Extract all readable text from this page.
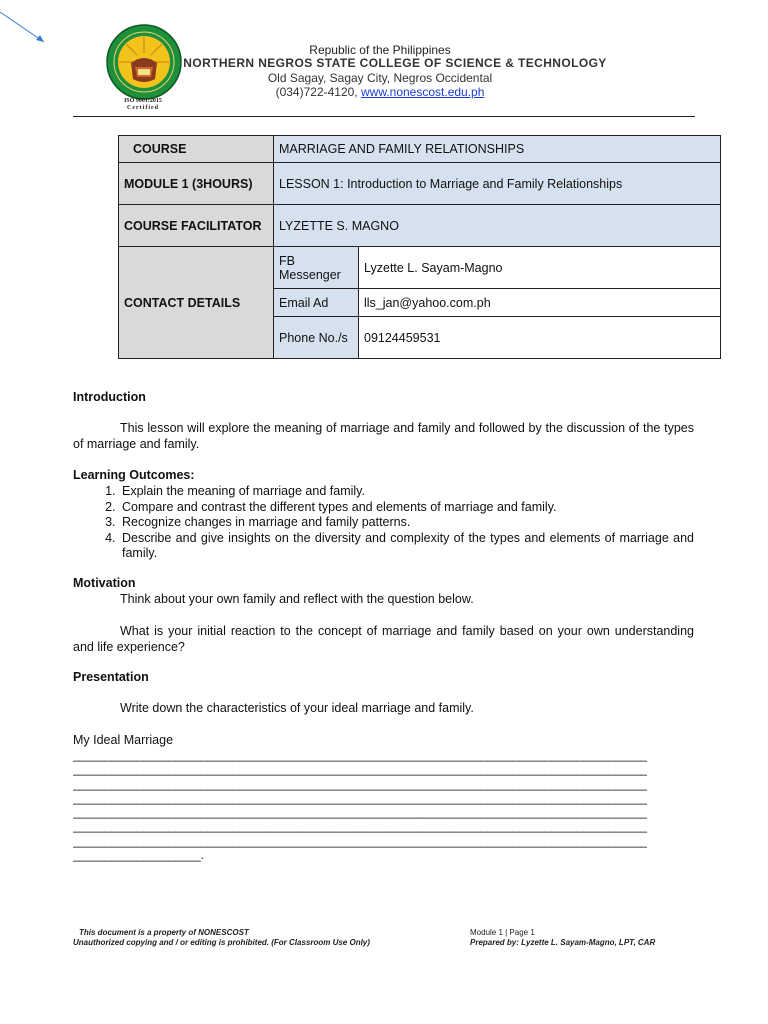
ISO 9001:2015
Certified
Republic of the Philippines
NORTHERN NEGROS STATE COLLEGE OF SCIENCE & TECHNOLOGY
Old Sagay, Sagay City, Negros Occidental
(034)722-4120, www.nonescost.edu.ph
COURSE	MARRIAGE AND FAMILY RELATIONSHIPS	
MODULE 1 (3HOURS)	LESSON 1: Introduction to Marriage and Family Relationships	
COURSE FACILITATOR	LYZETTE S. MAGNO	
CONTACT DETAILS	FB Messenger	Lyzette L. Sayam-Magno
	Email Ad	lls_jan@yahoo.com.ph
	Phone No./s	09124459531
Introduction
This lesson will explore the meaning of marriage and family and followed by the discussion of the types of marriage and family.
Learning Outcomes:
1. Explain the meaning of marriage and family.
2. Compare and contrast the different types and elements of marriage and family.
3. Recognize changes in marriage and family patterns.
4. Describe and give insights on the diversity and complexity of the types and elements of marriage and family.
Motivation
Think about your own family and reflect with the question below.
What is your initial reaction to the concept of marriage and family based on your own understanding and life experience?
Presentation
Write down the characteristics of your ideal marriage and family.
My Ideal Marriage
__________________________________________________________________________________________
__________________________________________________________________________________________
__________________________________________________________________________________________
__________________________________________________________________________________________
__________________________________________________________________________________________
__________________________________________________________________________________________
__________________________________________________________________________________________
____________________.
This document is a property of NONESCOST
Unauthorized copying and / or editing is prohibited. (For Classroom Use Only)
Module 1 | Page 1
Prepared by: Lyzette L. Sayam-Magno, LPT, CAR
